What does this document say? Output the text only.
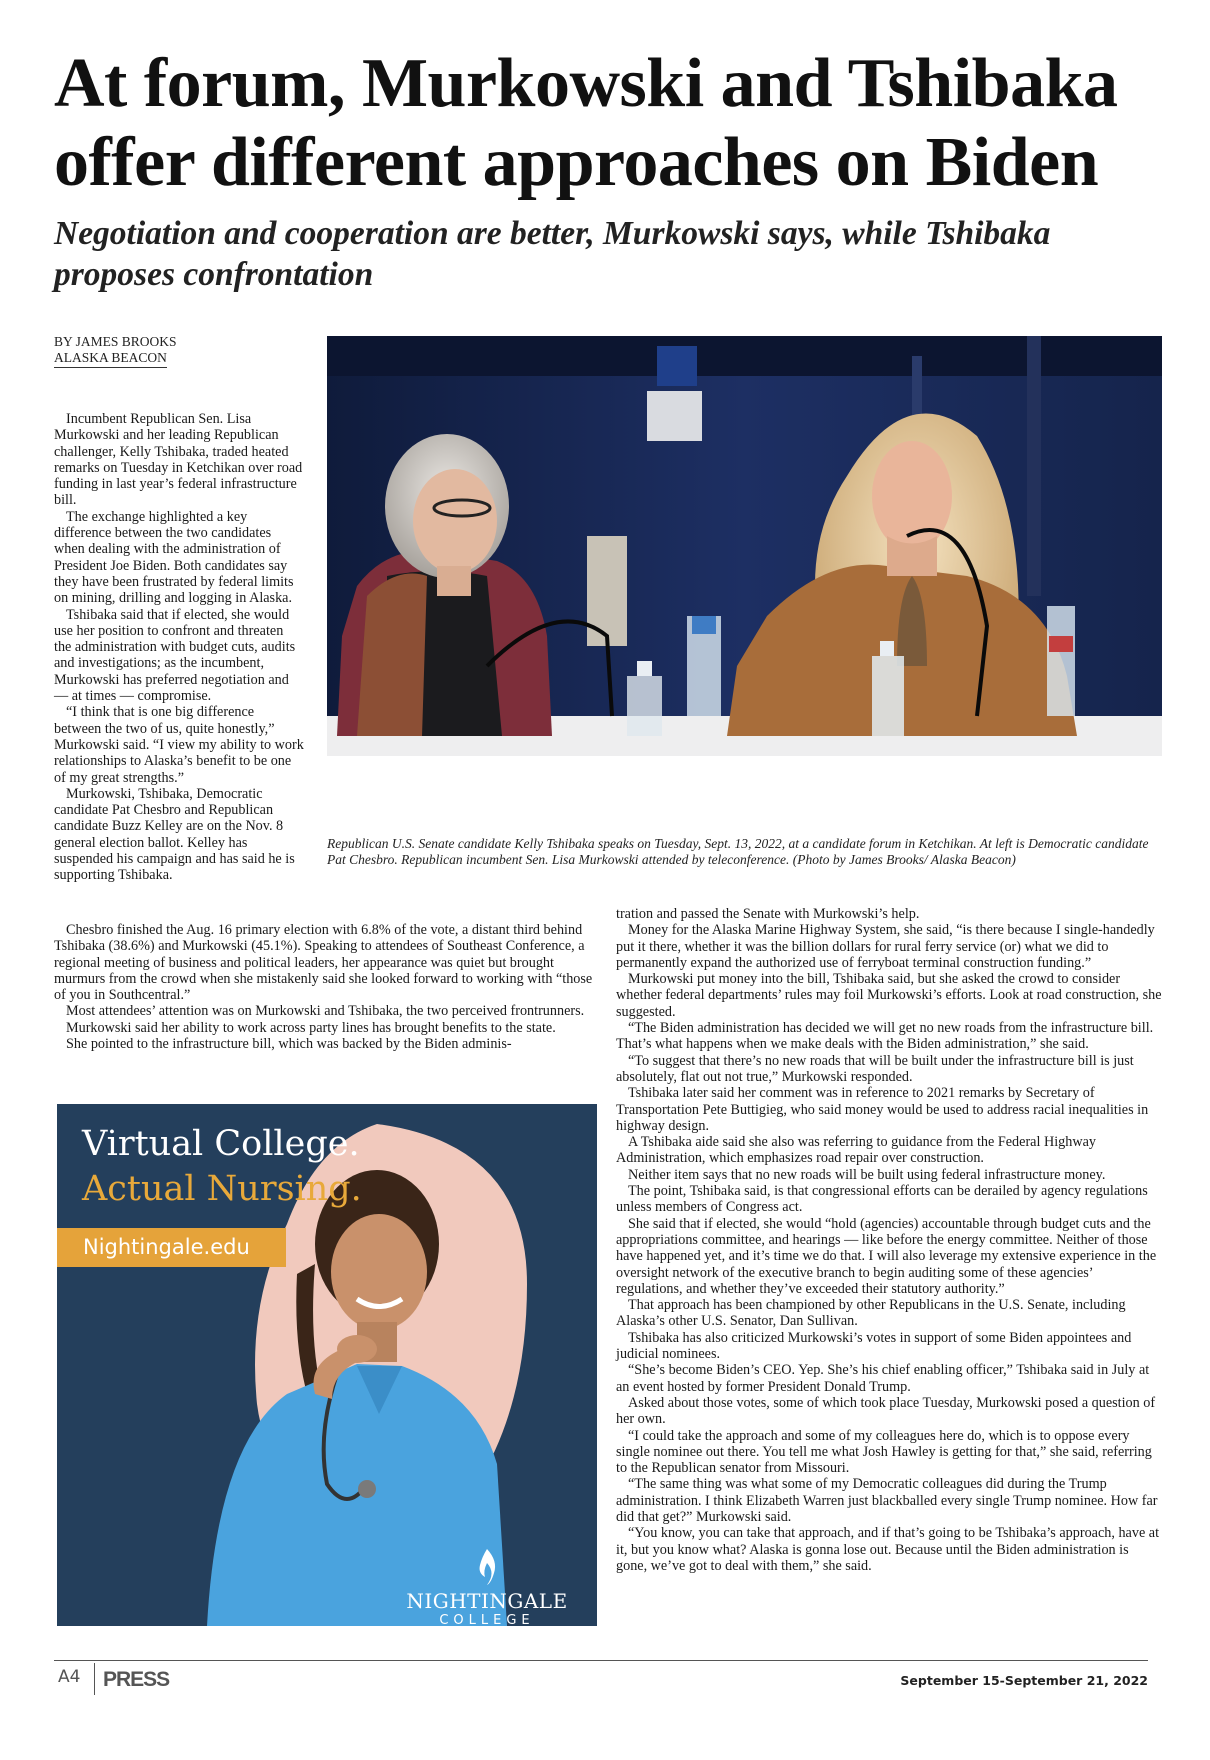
At forum, Murkowski and Tshibaka offer different approaches on Biden
Negotiation and cooperation are better, Murkowski says, while Tshibaka proposes confrontation
BY JAMES BROOKS
ALASKA BEACON

Incumbent Republican Sen. Lisa Murkowski and her leading Republican challenger, Kelly Tshibaka, traded heated remarks on Tuesday in Ketchikan over road funding in last year’s federal infrastructure bill.

The exchange highlighted a key difference between the two candidates when dealing with the administration of President Joe Biden. Both candidates say they have been frustrated by federal limits on mining, drilling and logging in Alaska.

Tshibaka said that if elected, she would use her position to confront and threaten the administration with budget cuts, audits and investigations; as the incumbent, Murkowski has preferred negotiation and — at times — compromise.

“I think that is one big difference between the two of us, quite honestly,” Murkowski said. “I view my ability to work relationships to Alaska’s benefit to be one of my great strengths.”

Murkowski, Tshibaka, Democratic candidate Pat Chesbro and Republican candidate Buzz Kelley are on the Nov. 8 general election ballot. Kelley has suspended his campaign and has said he is supporting Tshibaka.

Republican U.S. Senate candidate Kelly Tshibaka speaks on Tuesday, Sept. 13, 2022, at a candidate forum in Ketchikan. At left is Democratic candidate Pat Chesbro. Republican incumbent Sen. Lisa Murkowski attended by teleconference. (Photo by James Brooks/ Alaska Beacon)

Chesbro finished the Aug. 16 primary election with 6.8% of the vote, a distant third behind Tshibaka (38.6%) and Murkowski (45.1%). Speaking to attendees of Southeast Conference, a regional meeting of business and political leaders, her appearance was quiet but brought murmurs from the crowd when she mistakenly said she looked forward to working with “those of you in Southcentral.”

Most attendees’ attention was on Murkowski and Tshibaka, the two perceived frontrunners.

Murkowski said her ability to work across party lines has brought benefits to the state.

She pointed to the infrastructure bill, which was backed by the Biden adminis-

tration and passed the Senate with Murkowski’s help.

Money for the Alaska Marine Highway System, she said, “is there because I single-handedly put it there, whether it was the billion dollars for rural ferry service (or) what we did to permanently expand the authorized use of ferryboat terminal construction funding.”

Murkowski put money into the bill, Tshibaka said, but she asked the crowd to consider whether federal departments’ rules may foil Murkowski’s efforts. Look at road construction, she suggested.

“The Biden administration has decided we will get no new roads from the infrastructure bill. That’s what happens when we make deals with the Biden administration,” she said.

“To suggest that there’s no new roads that will be built under the infrastructure bill is just absolutely, flat out not true,” Murkowski responded.

Tshibaka later said her comment was in reference to 2021 remarks by Secretary of Transportation Pete Buttigieg, who said money would be used to address racial inequalities in highway design.

A Tshibaka aide said she also was referring to guidance from the Federal Highway Administration, which emphasizes road repair over construction.

Neither item says that no new roads will be built using federal infrastructure money.

The point, Tshibaka said, is that congressional efforts can be derailed by agency regulations unless members of Congress act.

She said that if elected, she would “hold (agencies) accountable through budget cuts and the appropriations committee, and hearings — like before the energy committee. Neither of those have happened yet, and it’s time we do that. I will also leverage my extensive experience in the oversight network of the executive branch to begin auditing some of these agencies’ regulations, and whether they’ve exceeded their statutory authority.”

That approach has been championed by other Republicans in the U.S. Senate, including Alaska’s other U.S. Senator, Dan Sullivan.

Tshibaka has also criticized Murkowski’s votes in support of some Biden appointees and judicial nominees.

“She’s become Biden’s CEO. Yep. She’s his chief enabling officer,” Tshibaka said in July at an event hosted by former President Donald Trump.

Asked about those votes, some of which took place Tuesday, Murkowski posed a question of her own.

“I could take the approach and some of my colleagues here do, which is to oppose every single nominee out there. You tell me what Josh Hawley is getting for that,” she said, referring to the Republican senator from Missouri.

“The same thing was what some of my Democratic colleagues did during the Trump administration. I think Elizabeth Warren just blackballed every single Trump nominee. How far did that get?” Murkowski said.

“You know, you can take that approach, and if that’s going to be Tshibaka’s approach, have at it, but you know what? Alaska is gonna lose out. Because until the Biden administration is gone, we’ve got to deal with them,” she said.

Virtual College.
Actual Nursing.
Nightingale.edu
NIGHTINGALE
COLLEGE
A4 PRESS	September 15-September 21, 2022
